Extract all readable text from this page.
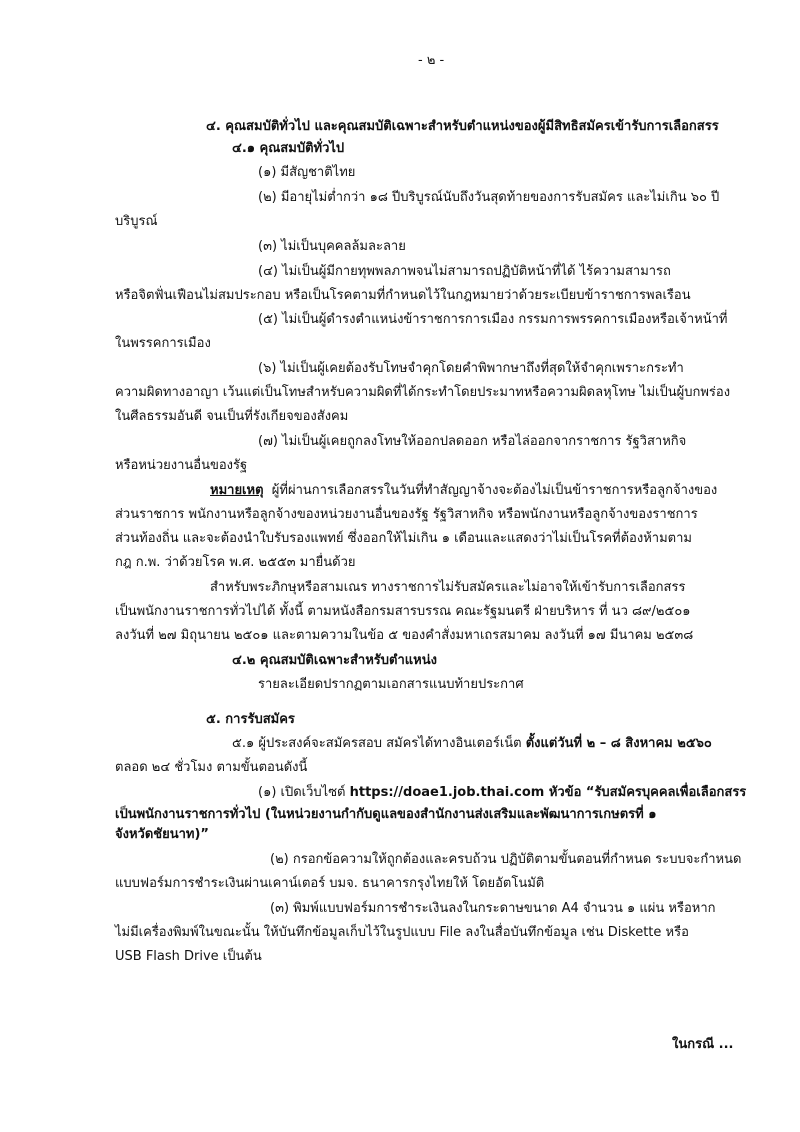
- ๒ -
๔. คุณสมบัติทั่วไป และคุณสมบัติเฉพาะสำหรับตำแหน่งของผู้มีสิทธิสมัครเข้ารับการเลือกสรร
๔.๑ คุณสมบัติทั่วไป
(๑) มีสัญชาติไทย
(๒) มีอายุไม่ต่ำกว่า ๑๘ ปีบริบูรณ์นับถึงวันสุดท้ายของการรับสมัคร และไม่เกิน ๖๐ ปี
บริบูรณ์
(๓) ไม่เป็นบุคคลล้มละลาย
(๔) ไม่เป็นผู้มีกายทุพพลภาพจนไม่สามารถปฏิบัติหน้าที่ได้ ไร้ความสามารถ
หรือจิตฟั่นเฟือนไม่สมประกอบ หรือเป็นโรคตามที่กำหนดไว้ในกฎหมายว่าด้วยระเบียบข้าราชการพลเรือน
(๕) ไม่เป็นผู้ดำรงตำแหน่งข้าราชการการเมือง กรรมการพรรคการเมืองหรือเจ้าหน้าที่
ในพรรคการเมือง
(๖) ไม่เป็นผู้เคยต้องรับโทษจำคุกโดยคำพิพากษาถึงที่สุดให้จำคุกเพราะกระทำ
ความผิดทางอาญา เว้นแต่เป็นโทษสำหรับความผิดที่ได้กระทำโดยประมาทหรือความผิดลหุโทษ ไม่เป็นผู้บกพร่อง
ในศีลธรรมอันดี จนเป็นที่รังเกียจของสังคม
(๗) ไม่เป็นผู้เคยถูกลงโทษให้ออกปลดออก หรือไล่ออกจากราชการ รัฐวิสาหกิจ
หรือหน่วยงานอื่นของรัฐ
หมายเหตุ ผู้ที่ผ่านการเลือกสรรในวันที่ทำสัญญาจ้างจะต้องไม่เป็นข้าราชการหรือลูกจ้างของ
ส่วนราชการ พนักงานหรือลูกจ้างของหน่วยงานอื่นของรัฐ รัฐวิสาหกิจ หรือพนักงานหรือลูกจ้างของราชการ
ส่วนท้องถิ่น และจะต้องนำใบรับรองแพทย์ ซึ่งออกให้ไม่เกิน ๑ เดือนและแสดงว่าไม่เป็นโรคที่ต้องห้ามตาม
กฎ ก.พ. ว่าด้วยโรค พ.ศ. ๒๕๕๓ มายื่นด้วย
สำหรับพระภิกษุหรือสามเณร ทางราชการไม่รับสมัครและไม่อาจให้เข้ารับการเลือกสรร
เป็นพนักงานราชการทั่วไปได้ ทั้งนี้ ตามหนังสือกรมสารบรรณ คณะรัฐมนตรี ฝ่ายบริหาร ที่ นว ๘๙/๒๕๐๑
ลงวันที่ ๒๗ มิถุนายน ๒๕๐๑ และตามความในข้อ ๕ ของคำสั่งมหาเถรสมาคม ลงวันที่ ๑๗ มีนาคม ๒๕๓๘
๔.๒ คุณสมบัติเฉพาะสำหรับตำแหน่ง
รายละเอียดปรากฏตามเอกสารแนบท้ายประกาศ
๕. การรับสมัคร
๕.๑ ผู้ประสงค์จะสมัครสอบ สมัครได้ทางอินเตอร์เน็ต ตั้งแต่วันที่ ๒ – ๘ สิงหาคม ๒๕๖๐
ตลอด ๒๔ ชั่วโมง ตามขั้นตอนดังนี้
(๑) เปิดเว็บไซต์ https://doae1.job.thai.com หัวข้อ “รับสมัครบุคคลเพื่อเลือกสรร
เป็นพนักงานราชการทั่วไป (ในหน่วยงานกำกับดูแลของสำนักงานส่งเสริมและพัฒนาการเกษตรที่ ๑
จังหวัดชัยนาท)”
(๒) กรอกข้อความให้ถูกต้องและครบถ้วน ปฏิบัติตามขั้นตอนที่กำหนด ระบบจะกำหนด
แบบฟอร์มการชำระเงินผ่านเคาน์เตอร์ บมจ. ธนาคารกรุงไทยให้ โดยอัตโนมัติ
(๓) พิมพ์แบบฟอร์มการชำระเงินลงในกระดาษขนาด A4 จำนวน ๑ แผ่น หรือหาก
ไม่มีเครื่องพิมพ์ในขณะนั้น ให้บันทึกข้อมูลเก็บไว้ในรูปแบบ File ลงในสื่อบันทึกข้อมูล เช่น Diskette หรือ
USB Flash Drive เป็นต้น
ในกรณี ...
